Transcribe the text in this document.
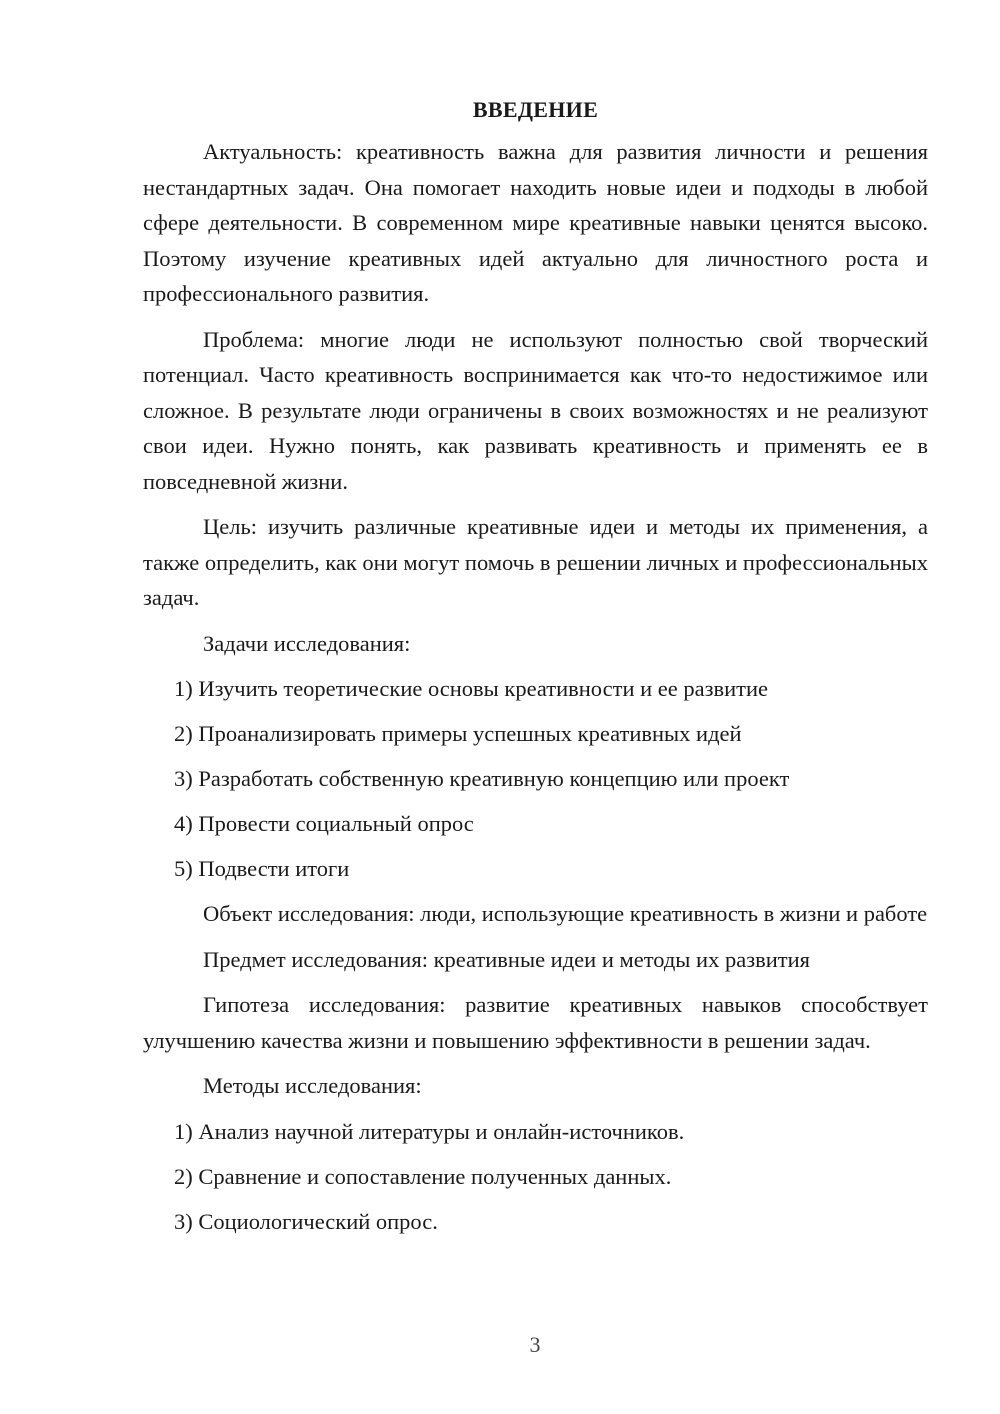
ВВЕДЕНИЕ

Актуальность: креативность важна для развития личности и решения нестандартных задач. Она помогает находить новые идеи и подходы в любой сфере деятельности. В современном мире креативные навыки ценятся высоко. Поэтому изучение креативных идей актуально для личностного роста и профессионального развития.

Проблема: многие люди не используют полностью свой творческий потенциал. Часто креативность воспринимается как что-то недостижимое или сложное. В результате люди ограничены в своих возможностях и не реализуют свои идеи. Нужно понять, как развивать креативность и применять ее в повседневной жизни.

Цель: изучить различные креативные идеи и методы их применения, а также определить, как они могут помочь в решении личных и профессиональных задач.

Задачи исследования:

1) Изучить теоретические основы креативности и ее развитие
2) Проанализировать примеры успешных креативных идей
3) Разработать собственную креативную концепцию или проект
4) Провести социальный опрос
5) Подвести итоги

Объект исследования: люди, использующие креативность в жизни и работе

Предмет исследования: креативные идеи и методы их развития

Гипотеза исследования: развитие креативных навыков способствует улучшению качества жизни и повышению эффективности в решении задач.

Методы исследования:

1) Анализ научной литературы и онлайн-источников.
2) Сравнение и сопоставление полученных данных.
3) Социологический опрос.
3
